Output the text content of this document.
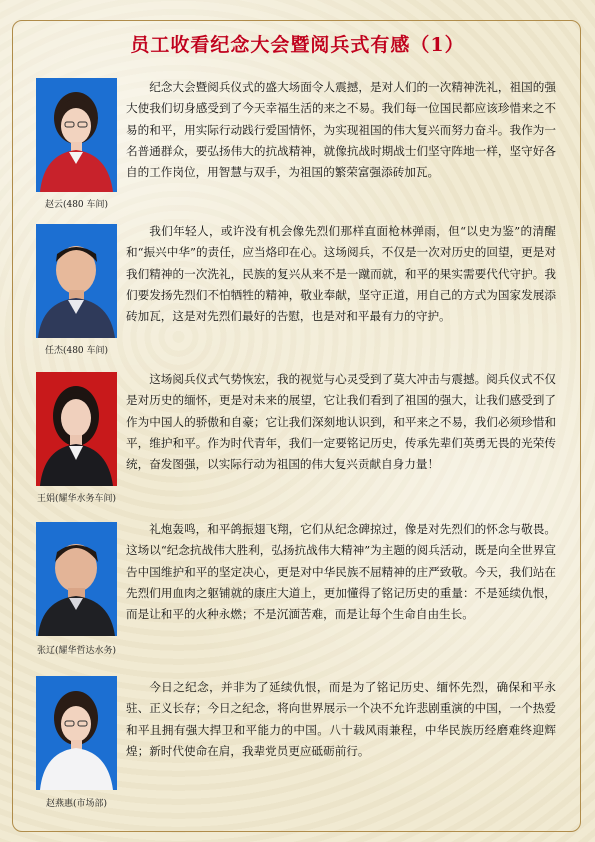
员工收看纪念大会暨阅兵式有感（1）
赵云(480 车间)

纪念大会暨阅兵仪式的盛大场面令人震撼，是对人们的一次精神洗礼，祖国的强大使我们切身感受到了今天幸福生活的来之不易。我们每一位国民都应该珍惜来之不易的和平，用实际行动践行爱国情怀，为实现祖国的伟大复兴而努力奋斗。我作为一名普通群众，要弘扬伟大的抗战精神，就像抗战时期战士们坚守阵地一样，坚守好各自的工作岗位，用智慧与双手，为祖国的繁荣富强添砖加瓦。

任杰(480 车间)

我们年轻人，或许没有机会像先烈们那样直面枪林弹雨，但“以史为鉴”的清醒和“振兴中华”的责任，应当烙印在心。这场阅兵，不仅是一次对历史的回望，更是对我们精神的一次洗礼，民族的复兴从来不是一蹴而就，和平的果实需要代代守护。我们要发扬先烈们不怕牺牲的精神，敬业奉献，坚守正道，用自己的方式为国家发展添砖加瓦，这是对先烈们最好的告慰，也是对和平最有力的守护。

王娟(耀华水务车间)

这场阅兵仪式气势恢宏，我的视觉与心灵受到了莫大冲击与震撼。阅兵仪式不仅是对历史的缅怀，更是对未来的展望，它让我们看到了祖国的强大，让我们感受到了作为中国人的骄傲和自豪；它让我们深刻地认识到，和平来之不易，我们必须珍惜和平，维护和平。作为时代青年，我们一定要铭记历史，传承先辈们英勇无畏的光荣传统，奋发图强，以实际行动为祖国的伟大复兴贡献自身力量！

张辽(耀华哲达水务)

礼炮轰鸣，和平鸽振翅飞翔，它们从纪念碑掠过，像是对先烈们的怀念与敬畏。这场以“纪念抗战伟大胜利，弘扬抗战伟大精神”为主题的阅兵活动，既是向全世界宣告中国维护和平的坚定决心，更是对中华民族不屈精神的庄严致敬。今天，我们站在先烈们用血肉之躯铺就的康庄大道上，更加懂得了铭记历史的重量：不是延续仇恨，而是让和平的火种永燃；不是沉湎苦难，而是让每个生命自由生长。

赵燕惠(市场部)

今日之纪念，并非为了延续仇恨，而是为了铭记历史、缅怀先烈，确保和平永驻、正义长存；今日之纪念，将向世界展示一个决不允许悲剧重演的中国，一个热爱和平且拥有强大捍卫和平能力的中国。八十载风雨兼程，中华民族历经磨难终迎辉煌；新时代使命在肩，我辈党员更应砥砺前行。
